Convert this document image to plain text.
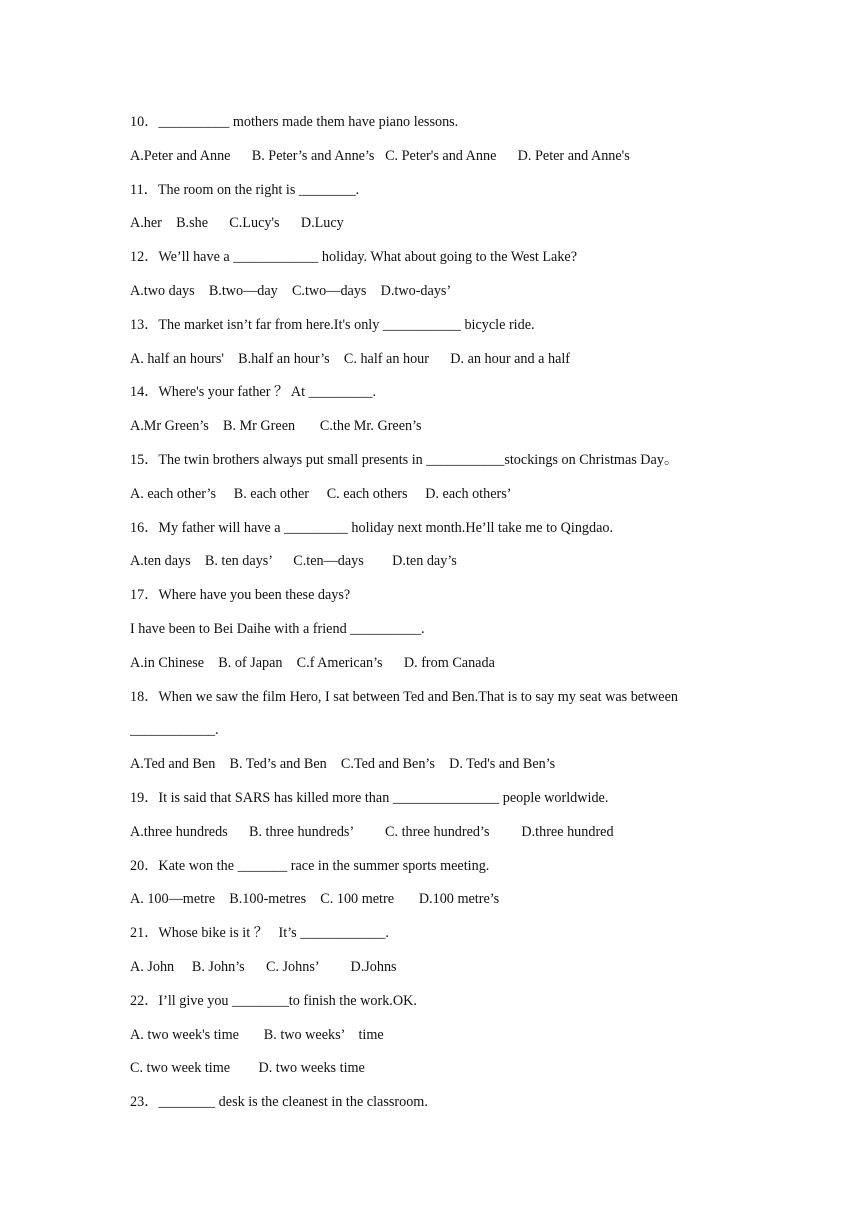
10．__________ mothers made them have piano lessons.
A.Peter and Anne      B. Peter’s and Anne’s   C. Peter's and Anne      D. Peter and Anne's
11．The room on the right is ________.
A.her    B.she      C.Lucy's      D.Lucy
12．We’ll have a ____________ holiday. What about going to the West Lake?
A.two days    B.two—day    C.two—days    D.two-days’
13．The market isn’t far from here.It's only ___________ bicycle ride.
A. half an hours'    B.half an hour’s    C. half an hour      D. an hour and a half
14．Where's your father ？ At _________.
A.Mr Green’s    B. Mr Green       C.the Mr. Green’s
15．The twin brothers always put small presents in ___________stockings on Christmas Day。
A. each other’s     B. each other     C. each others     D. each others’
16．My father will have a _________ holiday next month.He’ll take me to Qingdao.
A.ten days    B. ten days’      C.ten—days        D.ten day’s
17．Where have you been these days?
I have been to Bei Daihe with a friend __________.
A.in Chinese    B. of Japan    C.f American’s      D. from Canada
18．When we saw the film Hero, I sat between Ted and Ben.That is to say my seat was between
____________.
A.Ted and Ben    B. Ted’s and Ben    C.Ted and Ben’s    D. Ted's and Ben’s
19．It is said that SARS has killed more than _______________ people worldwide.
A.three hundreds      B. three hundreds’         C. three hundred’s         D.three hundred
20．Kate won the _______ race in the summer sports meeting.
A. 100—metre    B.100-metres    C. 100 metre       D.100 metre’s
21．Whose bike is it ？   It’s ____________.
A. John     B. John’s      C. Johns’         D.Johns
22．I’ll give you ________to finish the work.OK.
A. two week's time       B. two weeks’    time
C. two week time        D. two weeks time
23．________ desk is the cleanest in the classroom.
